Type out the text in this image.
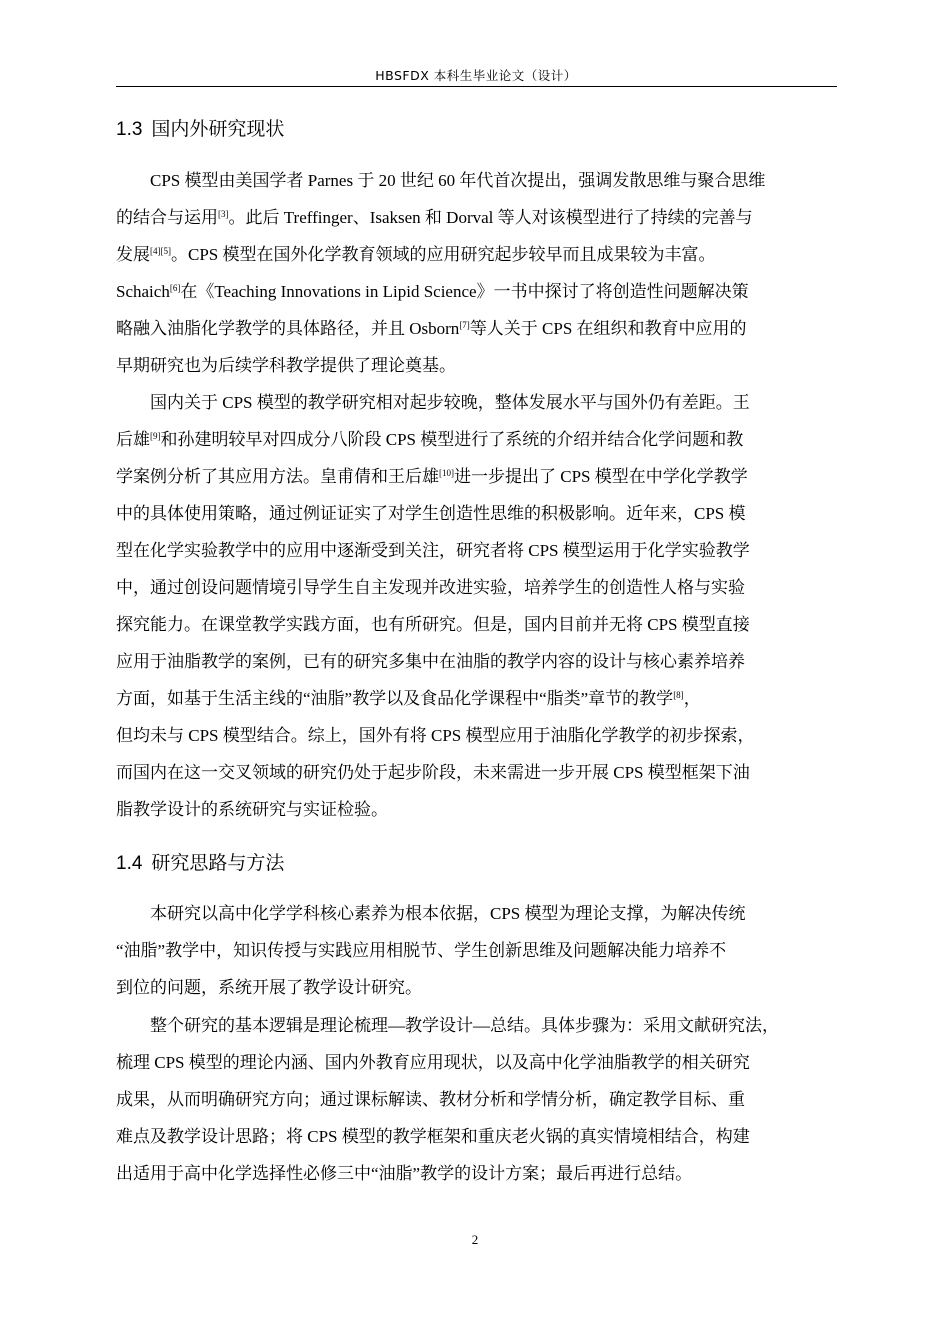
HBSFDX 本科生毕业论文（设计）
1.3 国内外研究现状

CPS 模型由美国学者 Parnes 于 20 世纪 60 年代首次提出，强调发散思维与聚合思维
的结合与运用[3]。此后 Treffinger、Isaksen 和 Dorval 等人对该模型进行了持续的完善与
发展[4][5]。CPS 模型在国外化学教育领域的应用研究起步较早而且成果较为丰富。
Schaich[6]在《Teaching Innovations in Lipid Science》一书中探讨了将创造性问题解决策
略融入油脂化学教学的具体路径，并且 Osborn[7]等人关于 CPS 在组织和教育中应用的
早期研究也为后续学科教学提供了理论奠基。

国内关于 CPS 模型的教学研究相对起步较晚，整体发展水平与国外仍有差距。王
后雄[9]和孙建明较早对四成分八阶段 CPS 模型进行了系统的介绍并结合化学问题和教
学案例分析了其应用方法。皇甫倩和王后雄[10]进一步提出了 CPS 模型在中学化学教学
中的具体使用策略，通过例证证实了对学生创造性思维的积极影响。近年来，CPS 模
型在化学实验教学中的应用中逐渐受到关注，研究者将 CPS 模型运用于化学实验教学
中，通过创设问题情境引导学生自主发现并改进实验，培养学生的创造性人格与实验
探究能力。在课堂教学实践方面，也有所研究。但是，国内目前并无将 CPS 模型直接
应用于油脂教学的案例，已有的研究多集中在油脂的教学内容的设计与核心素养培养
方面，如基于生活主线的“油脂”教学以及食品化学课程中“脂类”章节的教学[8]，
但均未与 CPS 模型结合。综上，国外有将 CPS 模型应用于油脂化学教学的初步探索，
而国内在这一交叉领域的研究仍处于起步阶段，未来需进一步开展 CPS 模型框架下油
脂教学设计的系统研究与实证检验。

1.4 研究思路与方法

本研究以高中化学学科核心素养为根本依据，CPS 模型为理论支撑，为解决传统
“油脂”教学中，知识传授与实践应用相脱节、学生创新思维及问题解决能力培养不
到位的问题，系统开展了教学设计研究。

整个研究的基本逻辑是理论梳理—教学设计—总结。具体步骤为：采用文献研究法，
梳理 CPS 模型的理论内涵、国内外教育应用现状，以及高中化学油脂教学的相关研究
成果，从而明确研究方向；通过课标解读、教材分析和学情分析，确定教学目标、重
难点及教学设计思路；将 CPS 模型的教学框架和重庆老火锅的真实情境相结合，构建
出适用于高中化学选择性必修三中“油脂”教学的设计方案；最后再进行总结。

2
